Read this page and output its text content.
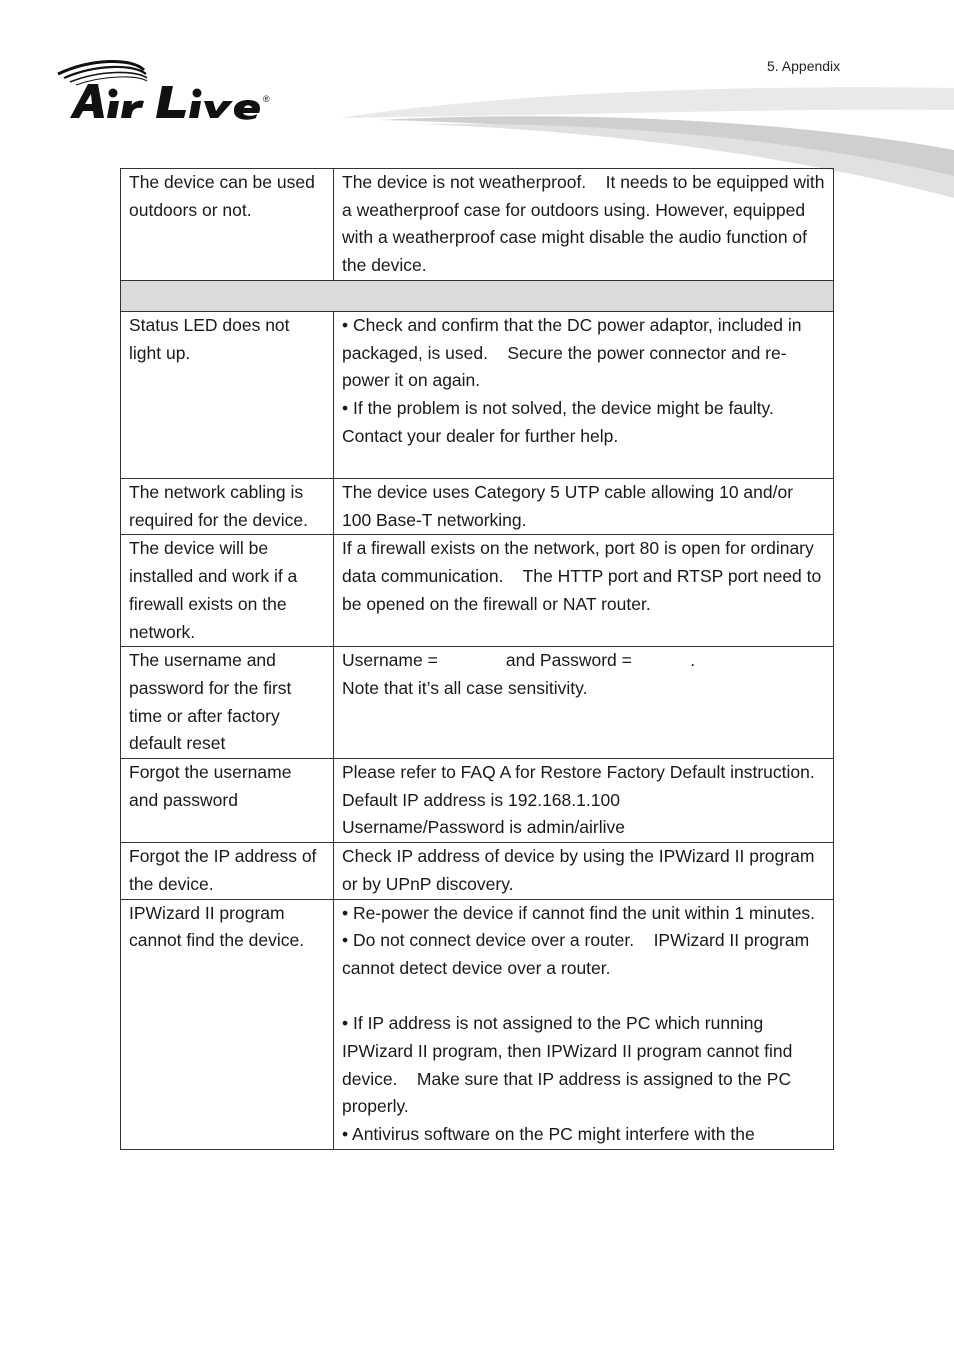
5. Appendix
®
The device can be used outdoors or not.	The device is not weatherproof.    It needs to be equipped with a weatherproof case for outdoors using. However, equipped with a weatherproof case might disable the audio function of the device.

Status LED does not light up.	• Check and confirm that the DC power adaptor, included in packaged, is used.    Secure the power connector and re-power it on again.
• If the problem is not solved, the device might be faulty. Contact your dealer for further help.

The network cabling is required for the device.	The device uses Category 5 UTP cable allowing 10 and/or 100 Base-T networking.

The device will be installed and work if a firewall exists on the network.	If a firewall exists on the network, port 80 is open for ordinary data communication.    The HTTP port and RTSP port need to be opened on the firewall or NAT router.

The username and password for the first time or after factory default reset	Username =              and Password =            .
Note that it’s all case sensitivity.

Forgot the username and password	Please refer to FAQ A for Restore Factory Default instruction.
Default IP address is 192.168.1.100
Username/Password is admin/airlive

Forgot the IP address of the device.	Check IP address of device by using the IPWizard II program or by UPnP discovery.

IPWizard II program cannot find the device.	• Re-power the device if cannot find the unit within 1 minutes.
• Do not connect device over a router.    IPWizard II program cannot detect device over a router.
• If IP address is not assigned to the PC which running IPWizard II program, then IPWizard II program cannot find device.    Make sure that IP address is assigned to the PC properly.
• Antivirus software on the PC might interfere with the
